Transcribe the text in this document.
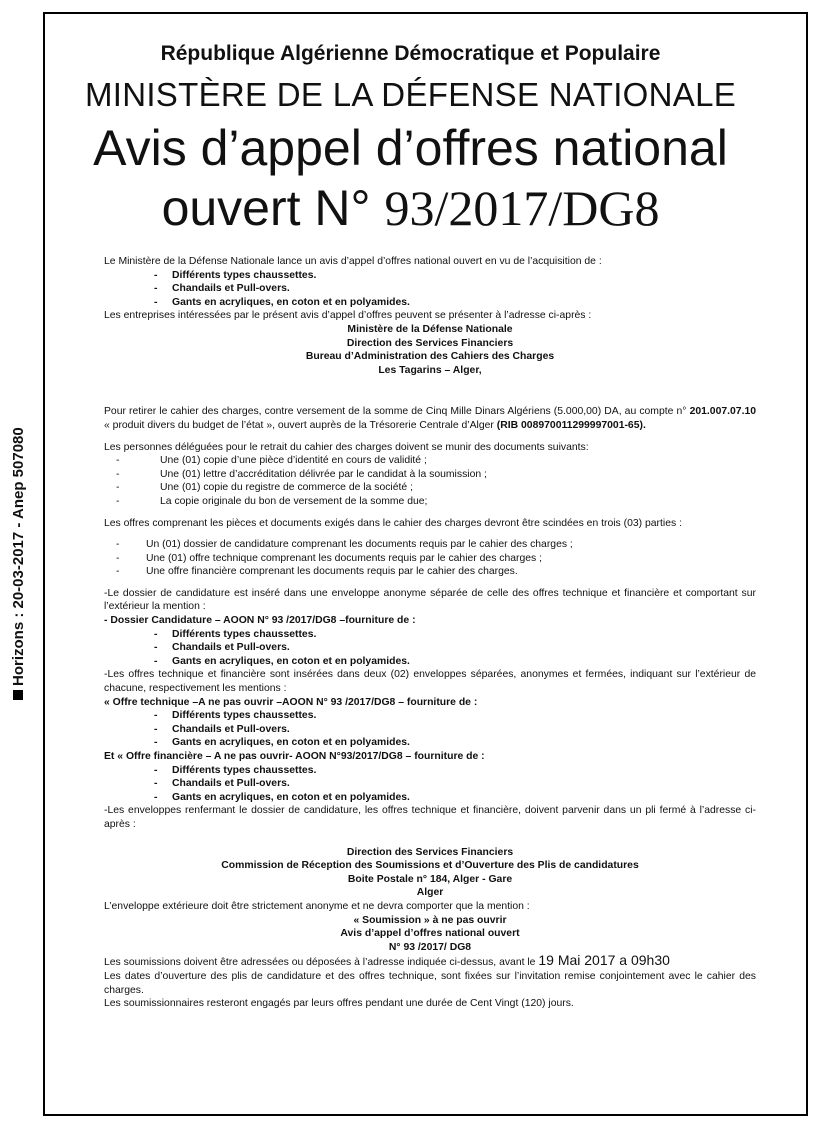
Horizons : 20-03-2017 - Anep 507080
République Algérienne Démocratique et Populaire
MINISTÈRE DE LA DÉFENSE NATIONALE
Avis d’appel d’offres national
ouvert N° 93/2017/DG8

Le Ministère de la Défense Nationale lance un avis d’appel d’offres national ouvert en vu de l’acquisition de :

- Différents types chaussettes.
- Chandails et Pull-overs.
- Gants en acryliques, en coton et en polyamides.

Les entreprises intéressées par le présent avis d’appel d’offres peuvent se présenter à l’adresse ci-après :

Ministère de la Défense Nationale
Direction des Services Financiers
Bureau d’Administration des Cahiers des Charges
Les Tagarins – Alger,

Pour retirer le cahier des charges, contre versement de la somme de Cinq Mille Dinars Algériens (5.000,00) DA, au compte n° 201.007.07.10 « produit divers du budget de l’état », ouvert auprès de la Trésorerie Centrale d’Alger (RIB 008970011299997001-65).

Les personnes déléguées pour le retrait du cahier des charges doivent se munir des documents suivants:

-	Une (01) copie d’une pièce d’identité en cours de validité ;
-	Une (01) lettre d’accréditation délivrée par le candidat à la soumission ;
-	Une (01) copie du registre de commerce de la société ;
-	La copie originale du bon de versement de la somme due;

Les offres comprenant les pièces et documents exigés dans le cahier des charges devront être scindées en trois (03) parties :

-	Un (01) dossier de candidature comprenant les documents requis par le cahier des charges ;
-	Une (01) offre technique comprenant les documents requis par le cahier des charges ;
-	Une offre financière comprenant les documents requis par le cahier des charges.

-Le dossier de candidature est inséré dans une enveloppe anonyme séparée de celle des offres technique et financière et comportant sur l’extérieur la mention :

- Dossier Candidature – AOON N° 93 /2017/DG8 –fourniture de :
- Différents types chaussettes.
- Chandails et Pull-overs.
- Gants en acryliques, en coton et en polyamides.

-Les offres technique et financière sont insérées dans deux (02) enveloppes séparées, anonymes et fermées, indiquant sur l’extérieur de chacune, respectivement les mentions :

« Offre technique –A ne pas ouvrir –AOON N° 93 /2017/DG8 – fourniture de :
- Différents types chaussettes.
- Chandails et Pull-overs.
- Gants en acryliques, en coton et en polyamides.
Et « Offre financière – A ne pas ouvrir- AOON N°93/2017/DG8 – fourniture de :
- Différents types chaussettes.
- Chandails et Pull-overs.
- Gants en acryliques, en coton et en polyamides.

-Les enveloppes renfermant le dossier de candidature, les offres technique et financière, doivent parvenir dans un pli fermé à l’adresse ci-après :

Direction des Services Financiers
Commission de Réception des Soumissions et d’Ouverture des Plis de candidatures
Boite Postale n° 184, Alger - Gare
Alger

L’enveloppe extérieure doit être strictement anonyme et ne devra comporter que la mention :

« Soumission » à ne pas ouvrir
Avis d’appel d’offres national ouvert
N° 93 /2017/ DG8

Les soumissions doivent être adressées ou déposées à l’adresse indiquée ci-dessus, avant le 19 Mai 2017 a 09h30

Les dates d’ouverture des plis de candidature et des offres technique, sont fixées sur l’invitation remise conjointement avec le cahier des charges.

Les soumissionnaires resteront engagés par leurs offres pendant une durée de Cent Vingt (120) jours.
